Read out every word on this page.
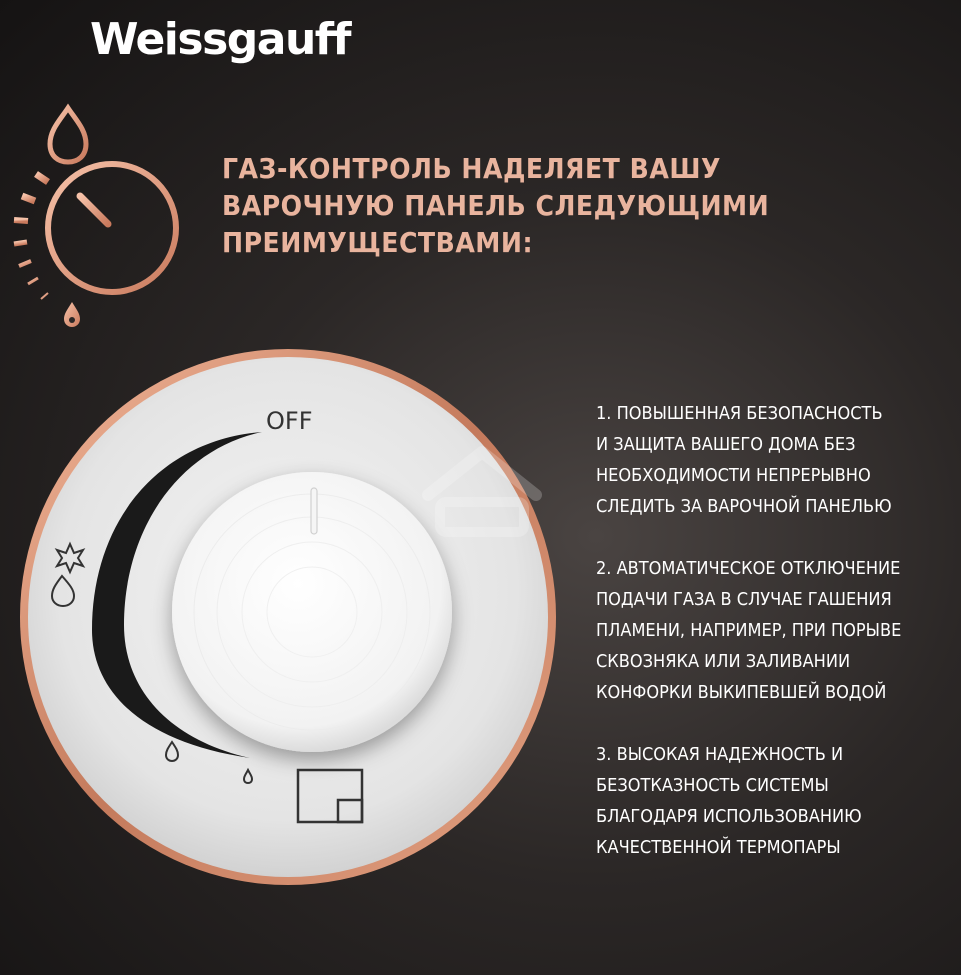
Weissgauff
ГАЗ-КОНТРОЛЬ НАДЕЛЯЕТ ВАШУ
ВАРОЧНУЮ ПАНЕЛЬ СЛЕДУЮЩИМИ
ПРЕИМУЩЕСТВАМИ:
OFF	1. ПОВЫШЕННАЯ БЕЗОПАСНОСТЬ
И ЗАЩИТА ВАШЕГО ДОМА БЕЗ
НЕОБХОДИМОСТИ НЕПРЕРЫВНО
СЛЕДИТЬ ЗА ВАРОЧНОЙ ПАНЕЛЬЮ
2. АВТОМАТИЧЕСКОЕ ОТКЛЮЧЕНИЕ
ПОДАЧИ ГАЗА В СЛУЧАЕ ГАШЕНИЯ
ПЛАМЕНИ, НАПРИМЕР, ПРИ ПОРЫВЕ
СКВОЗНЯКА ИЛИ ЗАЛИВАНИИ
КОНФОРКИ ВЫКИПЕВШЕЙ ВОДОЙ
3. ВЫСОКАЯ НАДЕЖНОСТЬ И
БЕЗОТКАЗНОСТЬ СИСТЕМЫ
БЛАГОДАРЯ ИСПОЛЬЗОВАНИЮ
КАЧЕСТВЕННОЙ ТЕРМОПАРЫ
